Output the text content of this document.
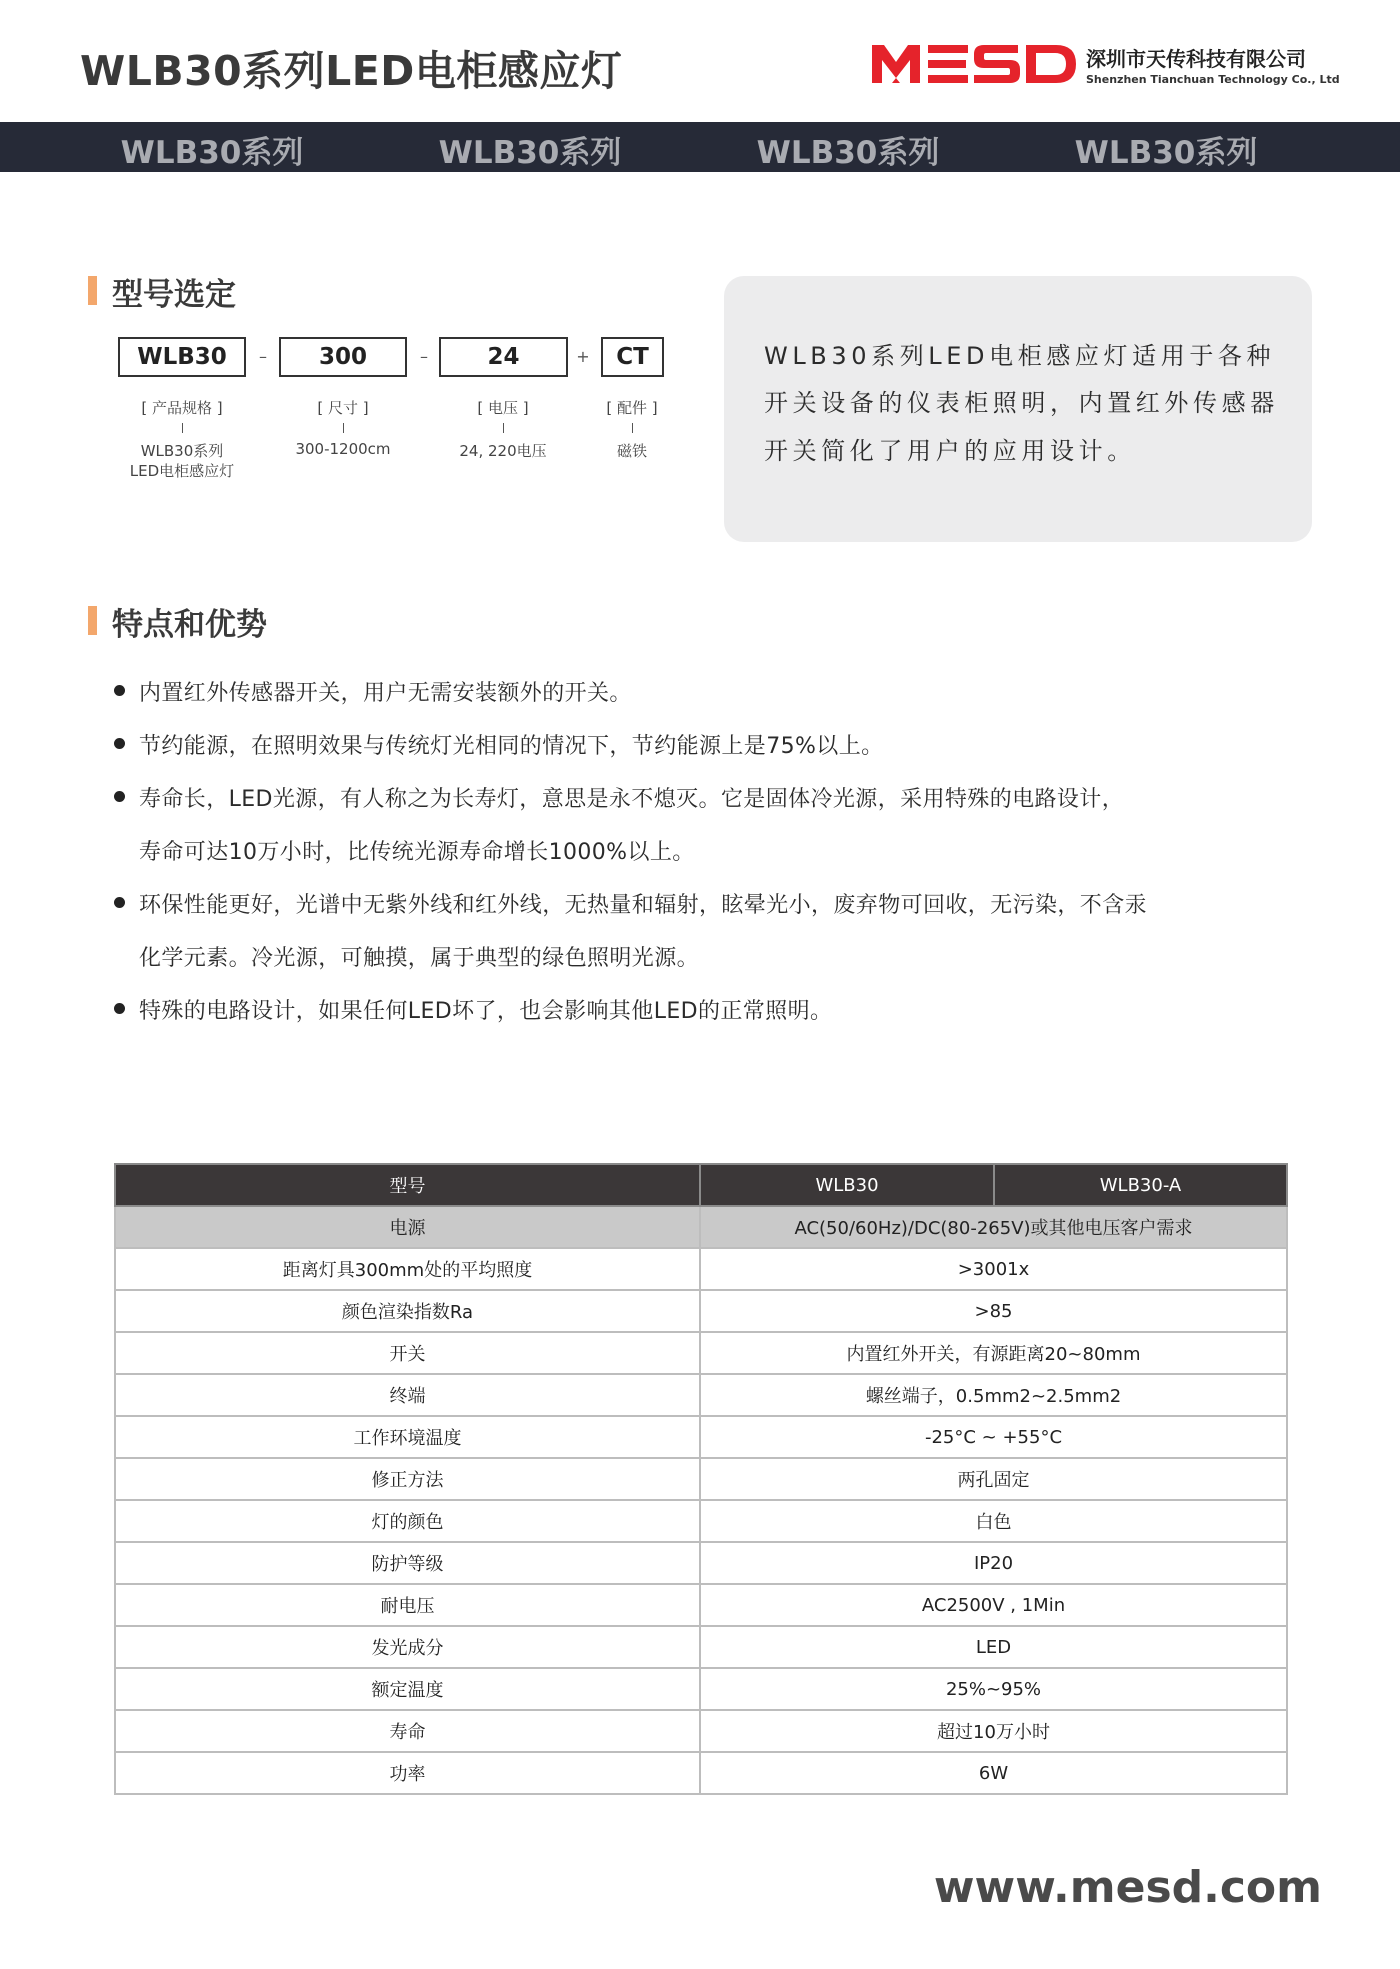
WLB30系列LED电柜感应灯	深圳市天传科技有限公司
Shenzhen Tianchuan Technology Co., Ltd
WLB30系列	WLB30系列	WLB30系列	WLB30系列
型号选定
WLB30	–	300	–	24	+	CT
[ 产品规格 ]
WLB30系列
LED电柜感应灯
[ 尺寸 ]
300-1200cm
[ 电压 ]
24, 220电压
[ 配件 ]
磁铁
WLB30系列LED电柜感应灯适用于各种
开关设备的仪表柜照明，内置红外传感器
开关简化了用户的应用设计。
特点和优势
内置红外传感器开关，用户无需安装额外的开关。
节约能源，在照明效果与传统灯光相同的情况下，节约能源上是75%以上。
寿命长，LED光源，有人称之为长寿灯，意思是永不熄灭。它是固体冷光源，采用特殊的电路设计，
寿命可达10万小时，比传统光源寿命增长1000%以上。
环保性能更好，光谱中无紫外线和红外线，无热量和辐射，眩晕光小，废弃物可回收，无污染，不含汞
化学元素。冷光源，可触摸，属于典型的绿色照明光源。
特殊的电路设计，如果任何LED坏了，也会影响其他LED的正常照明。
型号	WLB30	WLB30-A
电源	AC(50/60Hz)/DC(80-265V)或其他电压客户需求	
距离灯具300mm处的平均照度	>3001x	
颜色渲染指数Ra	>85	
开关	内置红外开关，有源距离20~80mm	
终端	螺丝端子，0.5mm2~2.5mm2	
工作环境温度	-25°C ~ +55°C	
修正方法	两孔固定	
灯的颜色	白色	
防护等级	IP20	
耐电压	AC2500V , 1Min	
发光成分	LED	
额定温度	25%~95%	
寿命	超过10万小时	
功率	6W	
www.mesd.com
